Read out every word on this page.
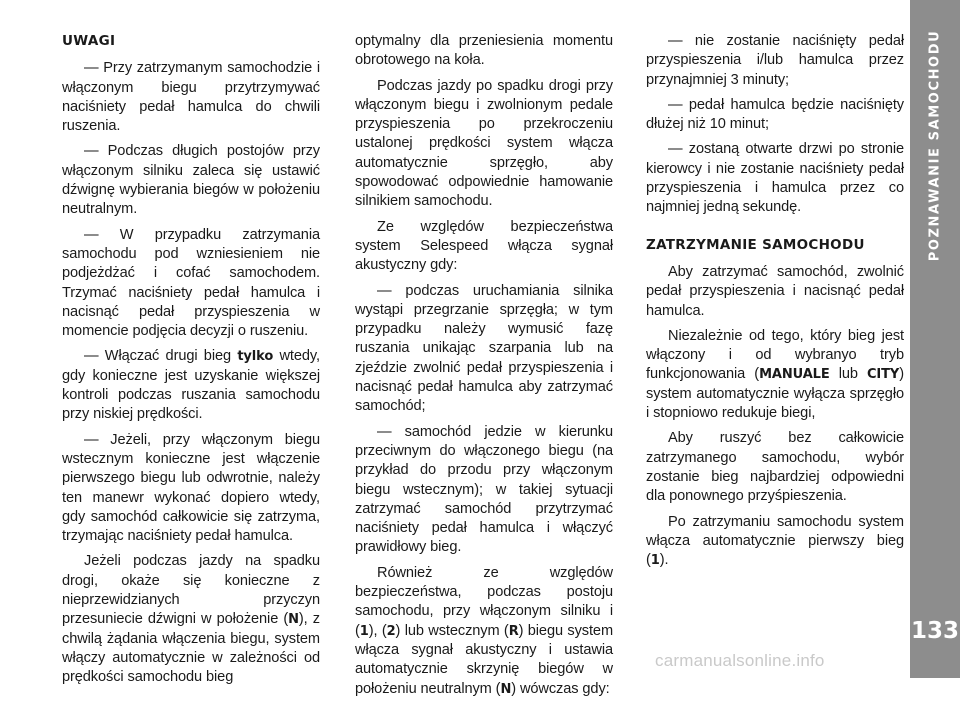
UWAGI

— Przy zatrzymanym samochodzie i włączonym biegu przytrzymywać naciśniety pedał hamulca do chwili ruszenia.

— Podczas długich postojów przy włączonym silniku zaleca się ustawić dźwignę wybierania biegów w położeniu neutralnym.

— W przypadku zatrzymania samochodu pod wzniesieniem nie podjeżdżać i cofać samochodem. Trzymać naciśniety pedał hamulca i nacisnąć pedał przyspieszenia w momencie podjęcia decyzji o ruszeniu.

— Włączać drugi bieg tylko wtedy, gdy konieczne jest uzyskanie większej kontroli podczas ruszania samochodu przy niskiej prędkości.

— Jeżeli, przy włączonym biegu wstecznym konieczne jest włączenie pierwszego biegu lub odwrotnie, należy ten manewr wykonać dopiero wtedy, gdy samochód całkowicie się zatrzyma, trzymając naciśniety pedał hamulca.

Jeżeli podczas jazdy na spadku drogi, okaże się konieczne z nieprzewidzianych przyczyn przesuniecie dźwigni w położenie (N), z chwilą żądania włączenia biegu, system włączy automatycznie w zależności od prędkości samochodu bieg

optymalny dla przeniesienia momentu obrotowego na koła.

Podczas jazdy po spadku drogi przy włączonym biegu i zwolnionym pedale przyspieszenia po przekroczeniu ustalonej prędkości system włącza automatycznie sprzęgło, aby spowodować odpowiednie hamowanie silnikiem samochodu.

Ze względów bezpieczeństwa system Selespeed włącza sygnał akustyczny gdy:

— podczas uruchamiania silnika wystąpi przegrzanie sprzęgła; w tym przypadku należy wymusić fazę ruszania unikając szarpania lub na zjeździe zwolnić pedał przyspieszenia i nacisnąć pedał hamulca aby zatrzymać samochód;

— samochód jedzie w kierunku przeciwnym do włączonego biegu (na przykład do przodu przy włączonym biegu wstecznym); w takiej sytuacji zatrzymać samochód przytrzymać naciśniety pedał hamulca i włączyć prawidłowy bieg.

Również ze względów bezpieczeństwa, podczas postoju samochodu, przy włączonym silniku i (1), (2) lub wstecznym (R) biegu system włącza sygnał akustyczny i ustawia automatycznie skrzynię biegów w położeniu neutralnym (N) wówczas gdy:

— nie zostanie naciśnięty pedał przyspieszenia i/lub hamulca przez przynajmniej 3 minuty;

— pedał hamulca będzie naciśnięty dłużej niż 10 minut;

— zostaną otwarte drzwi po stronie kierowcy i nie zostanie naciśniety pedał przyspieszenia i hamulca przez co najmniej jedną sekundę.

ZATRZYMANIE SAMOCHODU

Aby zatrzymać samochód, zwolnić pedał przyspieszenia i nacisnąć pedał hamulca.

Niezależnie od tego, który bieg jest włączony i od wybranyo tryb funkcjonowania (MANUALE lub CITY) system automatycznie wyłącza sprzęgło i stopniowo redukuje biegi,

Aby ruszyć bez całkowicie zatrzymanego samochodu, wybór zostanie bieg najbardziej odpowiedni dla ponownego przyśpieszenia.

Po zatrzymaniu samochodu system włącza automatycznie pierwszy bieg (1).

POZNAWANIE SAMOCHODU
133
carmanualsonline.info
